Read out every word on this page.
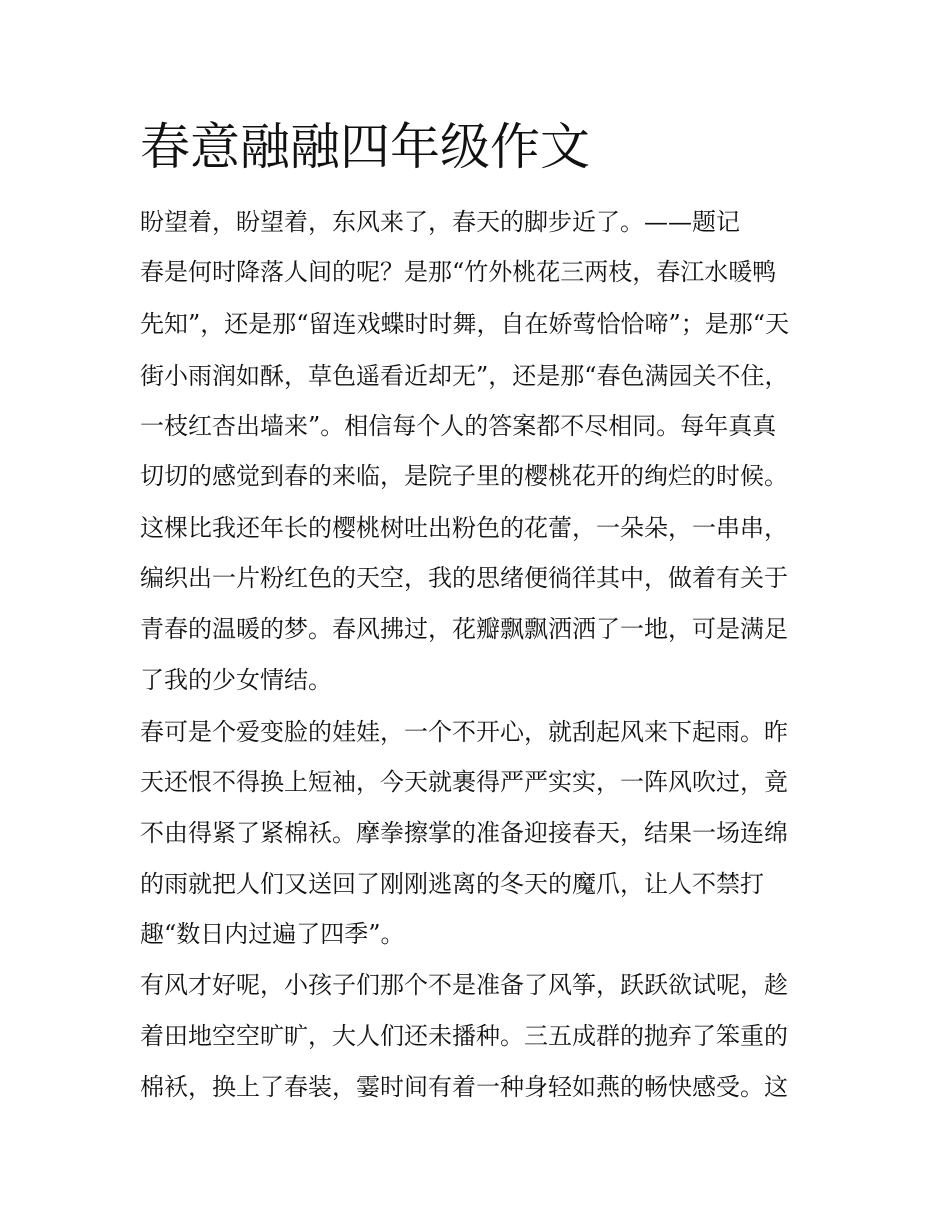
春意融融四年级作文

盼望着，盼望着，东风来了，春天的脚步近了。——题记

春是何时降落人间的呢？是那“竹外桃花三两枝，春江水暖鸭

先知”，还是那“留连戏蝶时时舞，自在娇莺恰恰啼”；是那“天

街小雨润如酥，草色遥看近却无”，还是那“春色满园关不住，

一枝红杏出墙来”。相信每个人的答案都不尽相同。每年真真

切切的感觉到春的来临，是院子里的樱桃花开的绚烂的时候。

这棵比我还年长的樱桃树吐出粉色的花蕾，一朵朵，一串串，

编织出一片粉红色的天空，我的思绪便徜徉其中，做着有关于

青春的温暖的梦。春风拂过，花瓣飘飘洒洒了一地，可是满足

了我的少女情结。

春可是个爱变脸的娃娃，一个不开心，就刮起风来下起雨。昨

天还恨不得换上短袖，今天就裹得严严实实，一阵风吹过，竟

不由得紧了紧棉袄。摩拳擦掌的准备迎接春天，结果一场连绵

的雨就把人们又送回了刚刚逃离的冬天的魔爪，让人不禁打

趣“数日内过遍了四季”。

有风才好呢，小孩子们那个不是准备了风筝，跃跃欲试呢，趁

着田地空空旷旷，大人们还未播种。三五成群的抛弃了笨重的

棉袄，换上了春装，霎时间有着一种身轻如燕的畅快感受。这
